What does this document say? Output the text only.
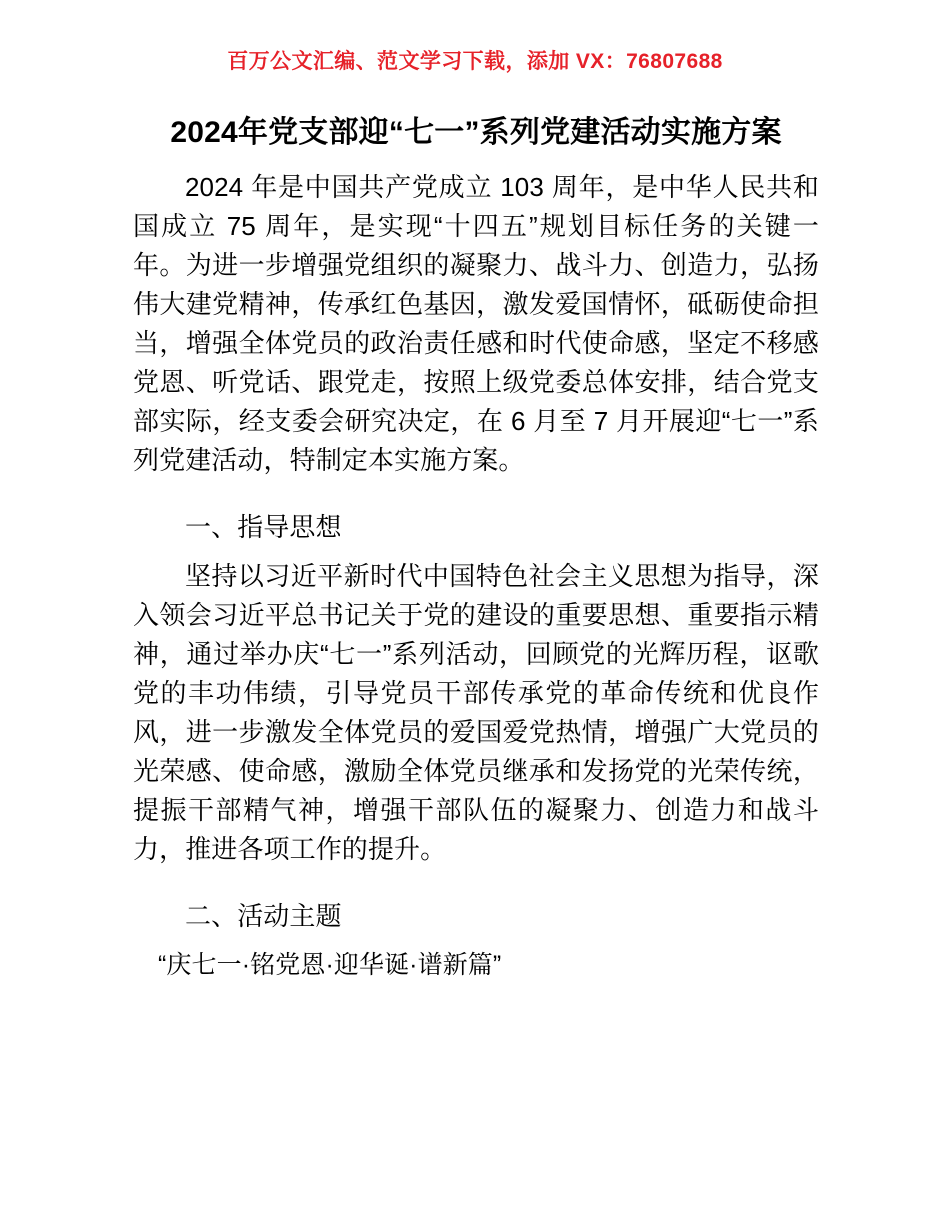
百万公文汇编、范文学习下载，添加 VX：76807688
2024年党支部迎“七一”系列党建活动实施方案

2024 年是中国共产党成立 103 周年，是中华人民共和国成立 75 周年，是实现“十四五”规划目标任务的关键一年。为进一步增强党组织的凝聚力、战斗力、创造力，弘扬伟大建党精神，传承红色基因，激发爱国情怀，砥砺使命担当，增强全体党员的政治责任感和时代使命感，坚定不移感党恩、听党话、跟党走，按照上级党委总体安排，结合党支部实际，经支委会研究决定，在 6 月至 7 月开展迎“七一”系列党建活动，特制定本实施方案。

一、指导思想

坚持以习近平新时代中国特色社会主义思想为指导，深入领会习近平总书记关于党的建设的重要思想、重要指示精神，通过举办庆“七一”系列活动，回顾党的光辉历程，讴歌党的丰功伟绩，引导党员干部传承党的革命传统和优良作风，进一步激发全体党员的爱国爱党热情，增强广大党员的光荣感、使命感，激励全体党员继承和发扬党的光荣传统，提振干部精气神，增强干部队伍的凝聚力、创造力和战斗力，推进各项工作的提升。

二、活动主题

“庆七一·铭党恩·迎华诞·谱新篇”
